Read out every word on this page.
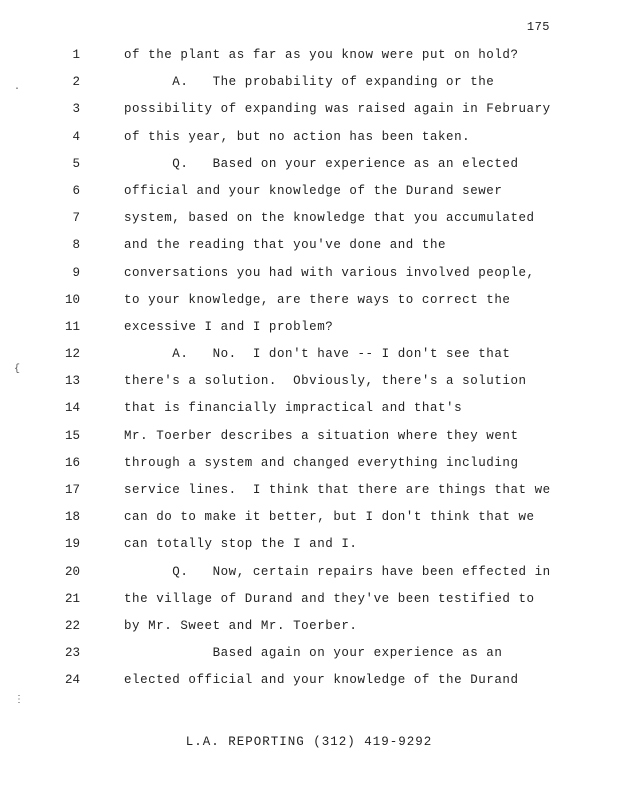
175
1	of the plant as far as you know were put on hold?
2	A.   The probability of expanding or the
3	possibility of expanding was raised again in February
4	of this year, but no action has been taken.
5	Q.   Based on your experience as an elected
6	official and your knowledge of the Durand sewer
7	system, based on the knowledge that you accumulated
8	and the reading that you've done and the
9	conversations you had with various involved people,
10	to your knowledge, are there ways to correct the
11	excessive I and I problem?
12	A.   No.  I don't have -- I don't see that
13	there's a solution.  Obviously, there's a solution
14	that is financially impractical and that's
15	Mr. Toerber describes a situation where they went
16	through a system and changed everything including
17	service lines.  I think that there are things that we
18	can do to make it better, but I don't think that we
19	can totally stop the I and I.
20	Q.   Now, certain repairs have been effected in
21	the village of Durand and they've been testified to
22	by Mr. Sweet and Mr. Toerber.
23	Based again on your experience as an
24	elected official and your knowledge of the Durand
L.A. REPORTING (312) 419-9292
·
{
⋮
